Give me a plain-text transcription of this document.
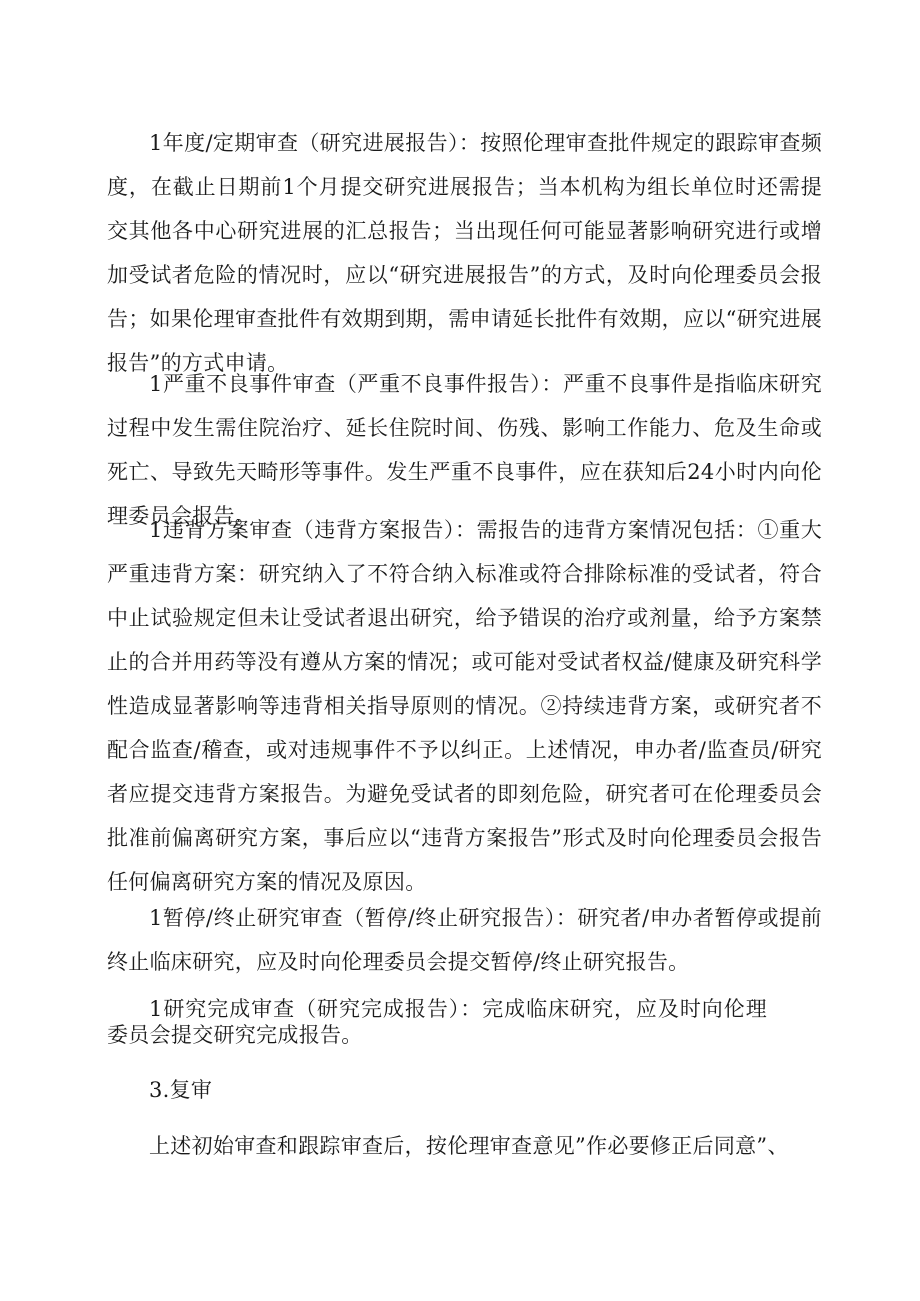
1年度/定期审查（研究进展报告）：按照伦理审查批件规定的跟踪审查频度，在截止日期前1个月提交研究进展报告；当本机构为组长单位时还需提交其他各中心研究进展的汇总报告；当出现任何可能显著影响研究进行或增加受试者危险的情况时，应以“研究进展报告”的方式，及时向伦理委员会报告；如果伦理审查批件有效期到期，需申请延长批件有效期，应以“研究进展报告”的方式申请。

1严重不良事件审查（严重不良事件报告）：严重不良事件是指临床研究过程中发生需住院治疗、延长住院时间、伤残、影响工作能力、危及生命或死亡、导致先天畸形等事件。发生严重不良事件，应在获知后24小时内向伦理委员会报告。

1违背方案审查（违背方案报告）：需报告的违背方案情况包括：①重大严重违背方案：研究纳入了不符合纳入标准或符合排除标准的受试者，符合中止试验规定但未让受试者退出研究，给予错误的治疗或剂量，给予方案禁止的合并用药等没有遵从方案的情况；或可能对受试者权益/健康及研究科学性造成显著影响等违背相关指导原则的情况。②持续违背方案，或研究者不配合监查/稽查，或对违规事件不予以纠正。上述情况，申办者/监查员/研究者应提交违背方案报告。为避免受试者的即刻危险，研究者可在伦理委员会批准前偏离研究方案，事后应以“违背方案报告”形式及时向伦理委员会报告任何偏离研究方案的情况及原因。

1暂停/终止研究审查（暂停/终止研究报告）：研究者/申办者暂停或提前终止临床研究，应及时向伦理委员会提交暂停/终止研究报告。

1研究完成审查（研究完成报告）：完成临床研究，应及时向伦理委员会提交研究完成报告。

3.复审

上述初始审查和跟踪审查后，按伦理审查意见”作必要修正后同意”、
